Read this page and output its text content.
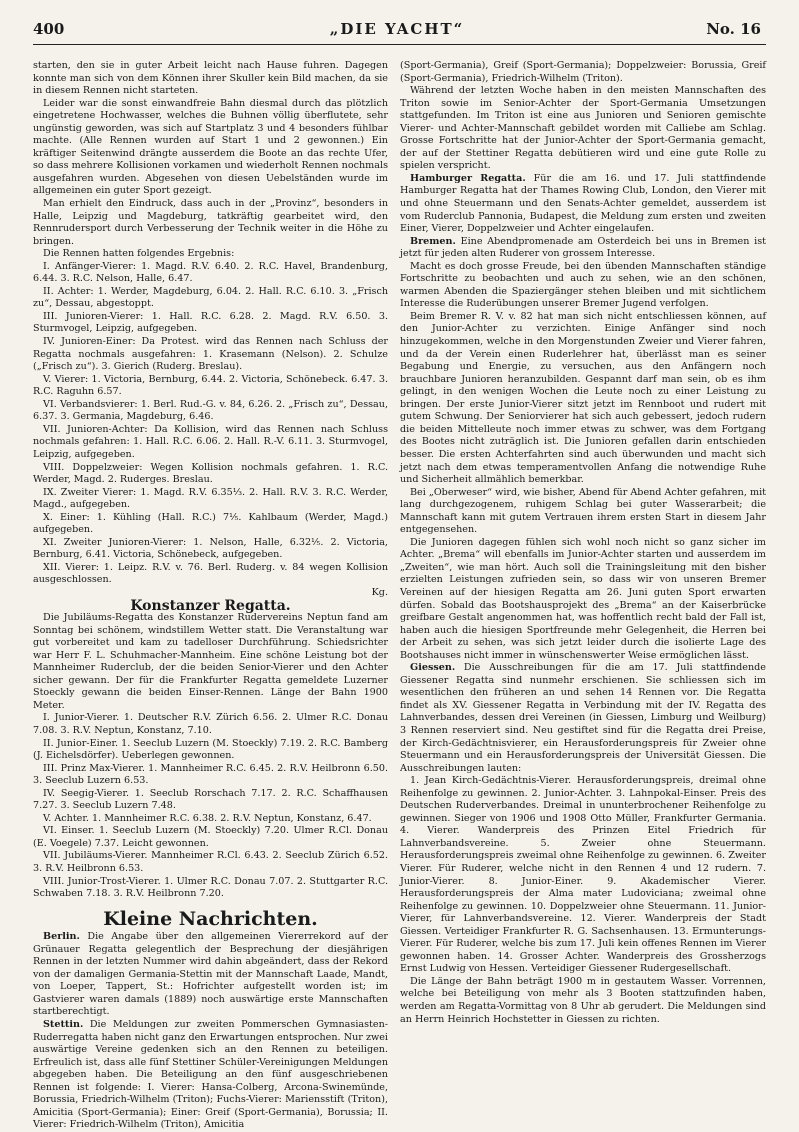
400	„DIE YACHT“	No. 16

starten, den sie in guter Arbeit leicht nach Hause fuhren. Dagegen konnte man sich von dem Können ihrer Skuller kein Bild machen, da sie in diesem Rennen nicht starteten.

Leider war die sonst einwandfreie Bahn diesmal durch das plötzlich eingetretene Hochwasser, welches die Buhnen völlig überflutete, sehr ungünstig geworden, was sich auf Startplatz 3 und 4 besonders fühlbar machte. (Alle Rennen wurden auf Start 1 und 2 gewonnen.) Ein kräftiger Seitenwind drängte ausserdem die Boote an das rechte Ufer, so dass mehrere Kollisionen vorkamen und wiederholt Rennen nochmals ausgefahren wurden. Abgesehen von diesen Uebelständen wurde im allgemeinen ein guter Sport gezeigt.

Man erhielt den Eindruck, dass auch in der „Provinz“, besonders in Halle, Leipzig und Magdeburg, tatkräftig gearbeitet wird, den Rennrudersport durch Verbesserung der Technik weiter in die Höhe zu bringen.

Die Rennen hatten folgendes Ergebnis:

I. Anfänger-Vierer: 1. Magd. R.V. 6.40. 2. R.C. Havel, Brandenburg, 6.44. 3. R.C. Nelson, Halle, 6.47.

II. Achter: 1. Werder, Magdeburg, 6.04. 2. Hall. R.C. 6.10. 3. „Frisch zu“, Dessau, abgestoppt.

III. Junioren-Vierer: 1. Hall. R.C. 6.28. 2. Magd. R.V. 6.50. 3. Sturmvogel, Leipzig, aufgegeben.

IV. Junioren-Einer: Da Protest. wird das Rennen nach Schluss der Regatta nochmals ausgefahren: 1. Krasemann (Nelson). 2. Schulze („Frisch zu“). 3. Gierich (Ruderg. Breslau).

V. Vierer: 1. Victoria, Bernburg, 6.44. 2. Victoria, Schönebeck. 6.47. 3. R.C. Raguhn 6.57.

VI. Verbandsvierer: 1. Berl. Rud.-G. v. 84, 6.26. 2. „Frisch zu“, Dessau, 6.37. 3. Germania, Magdeburg, 6.46.

VII. Junioren-Achter: Da Kollision, wird das Rennen nach Schluss nochmals gefahren: 1. Hall. R.C. 6.06. 2. Hall. R.-V. 6.11. 3. Sturmvogel, Leipzig, aufgegeben.

VIII. Doppelzweier: Wegen Kollision nochmals gefahren. 1. R.C. Werder, Magd. 2. Ruderges. Breslau.

IX. Zweiter Vierer: 1. Magd. R.V. 6.35⅓. 2. Hall. R.V. 3. R.C. Werder, Magd., aufgegeben.

X. Einer: 1. Kühling (Hall. R.C.) 7⅕. Kahlbaum (Werder, Magd.) aufgegeben.

XI. Zweiter Junioren-Vierer: 1. Nelson, Halle, 6.32⅕. 2. Victoria, Bernburg, 6.41. Victoria, Schönebeck, aufgegeben.

XII. Vierer: 1. Leipz. R.V. v. 76. Berl. Ruderg. v. 84 wegen Kollision ausgeschlossen.

Kg.

Konstanzer Regatta.

Die Jubiläums-Regatta des Konstanzer Rudervereins Neptun fand am Sonntag bei schönem, windstillem Wetter statt. Die Veranstaltung war gut vorbereitet und kam zu tadelloser Durchführung. Schiedsrichter war Herr F. L. Schuhmacher-Mannheim. Eine schöne Leistung bot der Mannheimer Ruderclub, der die beiden Senior-Vierer und den Achter sicher gewann. Der für die Frankfurter Regatta gemeldete Luzerner Stoeckly gewann die beiden Einser-Rennen. Länge der Bahn 1900 Meter.

I. Junior-Vierer. 1. Deutscher R.V. Zürich 6.56. 2. Ulmer R.C. Donau 7.08. 3. R.V. Neptun, Konstanz, 7.10.

II. Junior-Einer. 1. Seeclub Luzern (M. Stoeckly) 7.19. 2. R.C. Bamberg (J. Eichelsdörfer). Ueberlegen gewonnen.

III. Prinz Max-Vierer. 1. Mannheimer R.C. 6.45. 2. R.V. Heilbronn 6.50. 3. Seeclub Luzern 6.53.

IV. Seegig-Vierer. 1. Seeclub Rorschach 7.17. 2. R.C. Schaffhausen 7.27. 3. Seeclub Luzern 7.48.

V. Achter. 1. Mannheimer R.C. 6.38. 2. R.V. Neptun, Konstanz, 6.47.

VI. Einser. 1. Seeclub Luzern (M. Stoeckly) 7.20. Ulmer R.Cl. Donau (E. Voegele) 7.37. Leicht gewonnen.

VII. Jubiläums-Vierer. Mannheimer R.Cl. 6.43. 2. Seeclub Zürich 6.52. 3. R.V. Heilbronn 6.53.

VIII. Junior-Trost-Vierer. 1. Ulmer R.C. Donau 7.07. 2. Stuttgarter R.C. Schwaben 7.18. 3. R.V. Heilbronn 7.20.

Kleine Nachrichten.

Berlin. Die Angabe über den allgemeinen Viererrekord auf der Grünauer Regatta gelegentlich der Besprechung der diesjährigen Rennen in der letzten Nummer wird dahin abgeändert, dass der Rekord von der damaligen Germania-Stettin mit der Mannschaft Laade, Mandt, von Loeper, Tappert, St.: Hofrichter aufgestellt worden ist; im Gastvierer waren damals (1889) noch auswärtige erste Mannschaften startberechtigt.

Stettin. Die Meldungen zur zweiten Pommerschen Gymnasiasten-Ruderregatta haben nicht ganz den Erwartungen entsprochen. Nur zwei auswärtige Vereine gedenken sich an den Rennen zu beteiligen. Erfreulich ist, dass alle fünf Stettiner Schüler-Vereinigungen Meldungen abgegeben haben. Die Beteiligung an den fünf ausgeschriebenen Rennen ist folgende: I. Vierer: Hansa-Colberg, Arcona-Swinemünde, Borussia, Friedrich-Wilhelm (Triton); Fuchs-Vierer: Mariensstift (Triton), Amicitia (Sport-Germania); Einer: Greif (Sport-Germania), Borussia; II. Vierer: Friedrich-Wilhelm (Triton), Amicitia

(Sport-Germania), Greif (Sport-Germania); Doppelzweier: Borussia, Greif (Sport-Germania), Friedrich-Wilhelm (Triton).

Während der letzten Woche haben in den meisten Mannschaften des Triton sowie im Senior-Achter der Sport-Germania Umsetzungen stattgefunden. Im Triton ist eine aus Junioren und Senioren gemischte Vierer- und Achter-Mannschaft gebildet worden mit Calliebe am Schlag. Grosse Fortschritte hat der Junior-Achter der Sport-Germania gemacht, der auf der Stettiner Regatta debütieren wird und eine gute Rolle zu spielen verspricht.

Hamburger Regatta. Für die am 16. und 17. Juli stattfindende Hamburger Regatta hat der Thames Rowing Club, London, den Vierer mit und ohne Steuermann und den Senats-Achter gemeldet, ausserdem ist vom Ruderclub Pannonia, Budapest, die Meldung zum ersten und zweiten Einer, Vierer, Doppelzweier und Achter eingelaufen.

Bremen. Eine Abendpromenade am Osterdeich bei uns in Bremen ist jetzt für jeden alten Ruderer von grossem Interesse.

Macht es doch grosse Freude, bei den übenden Mannschaften ständige Fortschritte zu beobachten und auch zu sehen, wie an den schönen, warmen Abenden die Spaziergänger stehen bleiben und mit sichtlichem Interesse die Ruderübungen unserer Bremer Jugend verfolgen.

Beim Bremer R. V. v. 82 hat man sich nicht entschliessen können, auf den Junior-Achter zu verzichten. Einige Anfänger sind noch hinzugekommen, welche in den Morgenstunden Zweier und Vierer fahren, und da der Verein einen Ruderlehrer hat, überlässt man es seiner Begabung und Energie, zu versuchen, aus den Anfängern noch brauchbare Junioren heranzubilden. Gespannt darf man sein, ob es ihm gelingt, in den wenigen Wochen die Leute noch zu einer Leistung zu bringen. Der erste Junior-Vierer sitzt jetzt im Rennboot und rudert mit gutem Schwung. Der Seniorvierer hat sich auch gebessert, jedoch rudern die beiden Mittelleute noch immer etwas zu schwer, was dem Fortgang des Bootes nicht zuträglich ist. Die Junioren gefallen darin entschieden besser. Die ersten Achterfahrten sind auch überwunden und macht sich jetzt nach dem etwas temperamentvollen Anfang die notwendige Ruhe und Sicherheit allmählich bemerkbar.

Bei „Oberweser“ wird, wie bisher, Abend für Abend Achter gefahren, mit lang durchgezogenem, ruhigem Schlag bei guter Wasserarbeit; die Mannschaft kann mit gutem Vertrauen ihrem ersten Start in diesem Jahr entgegensehen.

Die Junioren dagegen fühlen sich wohl noch nicht so ganz sicher im Achter. „Brema“ will ebenfalls im Junior-Achter starten und ausserdem im „Zweiten“, wie man hört. Auch soll die Trainingsleitung mit den bisher erzielten Leistungen zufrieden sein, so dass wir von unseren Bremer Vereinen auf der hiesigen Regatta am 26. Juni guten Sport erwarten dürfen. Sobald das Bootshausprojekt des „Brema“ an der Kaiserbrücke greifbare Gestalt angenommen hat, was hoffentlich recht bald der Fall ist, haben auch die hiesigen Sportfreunde mehr Gelegenheit, die Herren bei der Arbeit zu sehen, was sich jetzt leider durch die isolierte Lage des Bootshauses nicht immer in wünschenswerter Weise ermöglichen lässt.

Giessen. Die Ausschreibungen für die am 17. Juli stattfindende Giessener Regatta sind nunmehr erschienen. Sie schliessen sich im wesentlichen den früheren an und sehen 14 Rennen vor. Die Regatta findet als XV. Giessener Regatta in Verbindung mit der IV. Regatta des Lahnverbandes, dessen drei Vereinen (in Giessen, Limburg und Weilburg) 3 Rennen reserviert sind. Neu gestiftet sind für die Regatta drei Preise, der Kirch-Gedächtnisvierer, ein Herausforderungspreis für Zweier ohne Steuermann und ein Herausforderungspreis der Universität Giessen. Die Ausschreibungen lauten:

1. Jean Kirch-Gedächtnis-Vierer. Herausforderungspreis, dreimal ohne Reihenfolge zu gewinnen. 2. Junior-Achter. 3. Lahnpokal-Einser. Preis des Deutschen Ruderverbandes. Dreimal in ununterbrochener Reihenfolge zu gewinnen. Sieger von 1906 und 1908 Otto Müller, Frankfurter Germania. 4. Vierer. Wanderpreis des Prinzen Eitel Friedrich für Lahnverbandsvereine. 5. Zweier ohne Steuermann. Herausforderungspreis zweimal ohne Reihenfolge zu gewinnen. 6. Zweiter Vierer. Für Ruderer, welche nicht in den Rennen 4 und 12 rudern. 7. Junior-Vierer. 8. Junior-Einer. 9. Akademischer Vierer. Herausforderungspreis der Alma mater Ludoviciana; zweimal ohne Reihenfolge zu gewinnen. 10. Doppelzweier ohne Steuermann. 11. Junior-Vierer, für Lahnverbandsvereine. 12. Vierer. Wanderpreis der Stadt Giessen. Verteidiger Frankfurter R. G. Sachsenhausen. 13. Ermunterungs-Vierer. Für Ruderer, welche bis zum 17. Juli kein offenes Rennen im Vierer gewonnen haben. 14. Grosser Achter. Wanderpreis des Grossherzogs Ernst Ludwig von Hessen. Verteidiger Giessener Rudergesellschaft.

Die Länge der Bahn beträgt 1900 m in gestautem Wasser. Vorrennen, welche bei Beteiligung von mehr als 3 Booten stattzufinden haben, werden am Regatta-Vormittag von 8 Uhr ab gerudert. Die Meldungen sind an Herrn Heinrich Hochstetter in Giessen zu richten.
